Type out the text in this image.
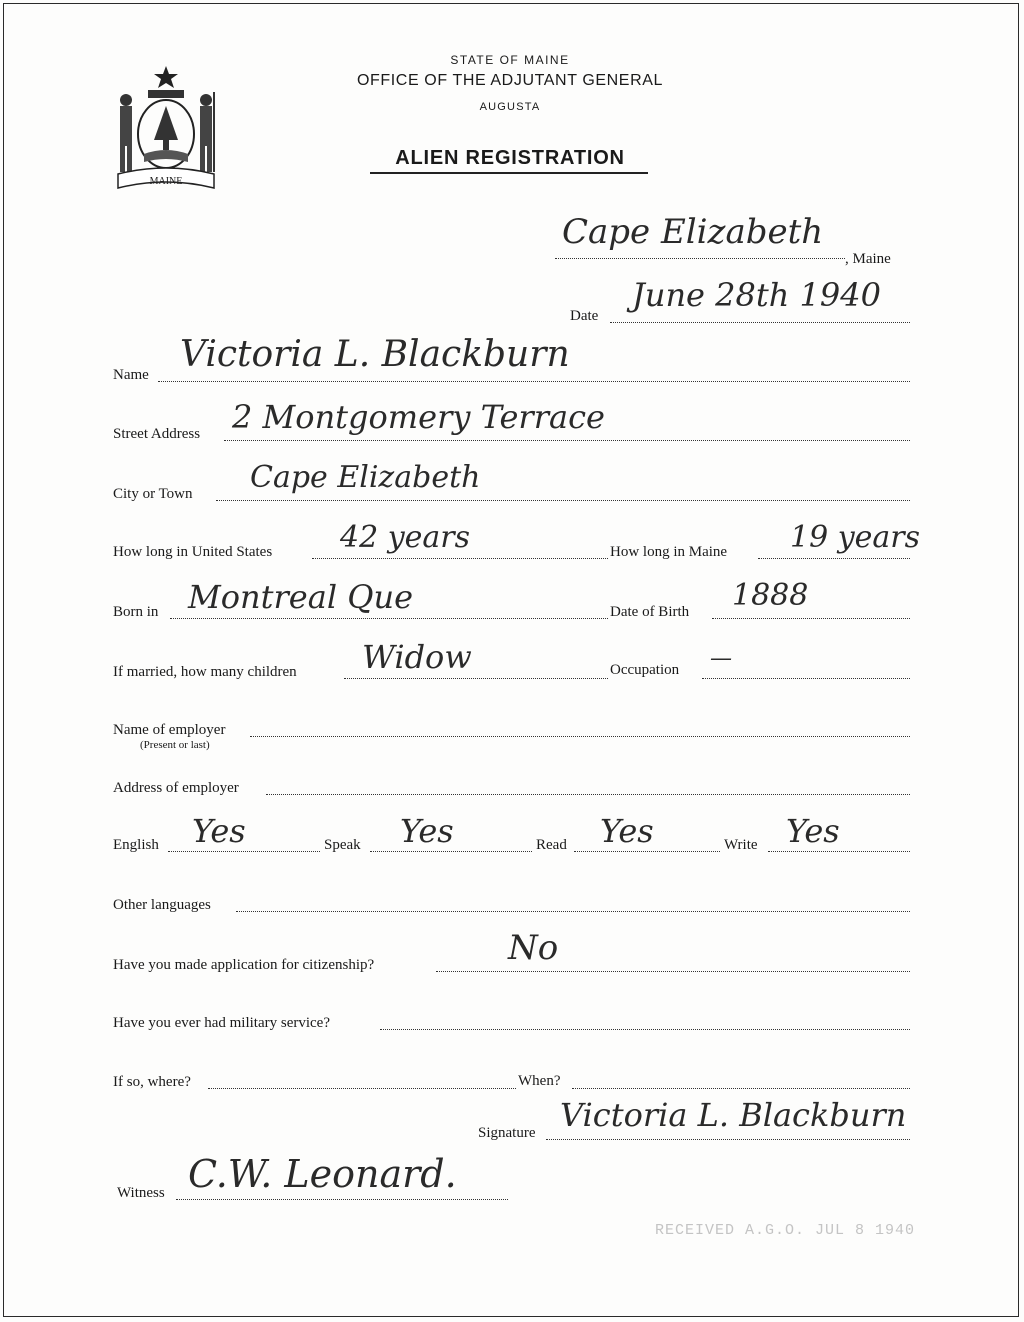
MAINE
STATE OF MAINE
OFFICE OF THE ADJUTANT GENERAL
AUGUSTA
ALIEN REGISTRATION
Cape Elizabeth
, Maine
Date
June 28th 1940
Name Victoria L. Blackburn
Street Address 2 Montgomery Terrace
City or Town Cape Elizabeth
How long in United States 42 years	How long in Maine 19 years
Born in Montreal Que	Date of Birth 1888
If married, how many children Widow	Occupation —
Name of employer
(Present or last)
Address of employer
English Yes	Speak Yes	Read Yes	Write Yes
Other languages
Have you made application for citizenship?	No
Have you ever had military service?
If so, where?	When?
Signature Victoria L. Blackburn
Witness C.W. Leonard.
RECEIVED A.G.O. JUL 8 1940
